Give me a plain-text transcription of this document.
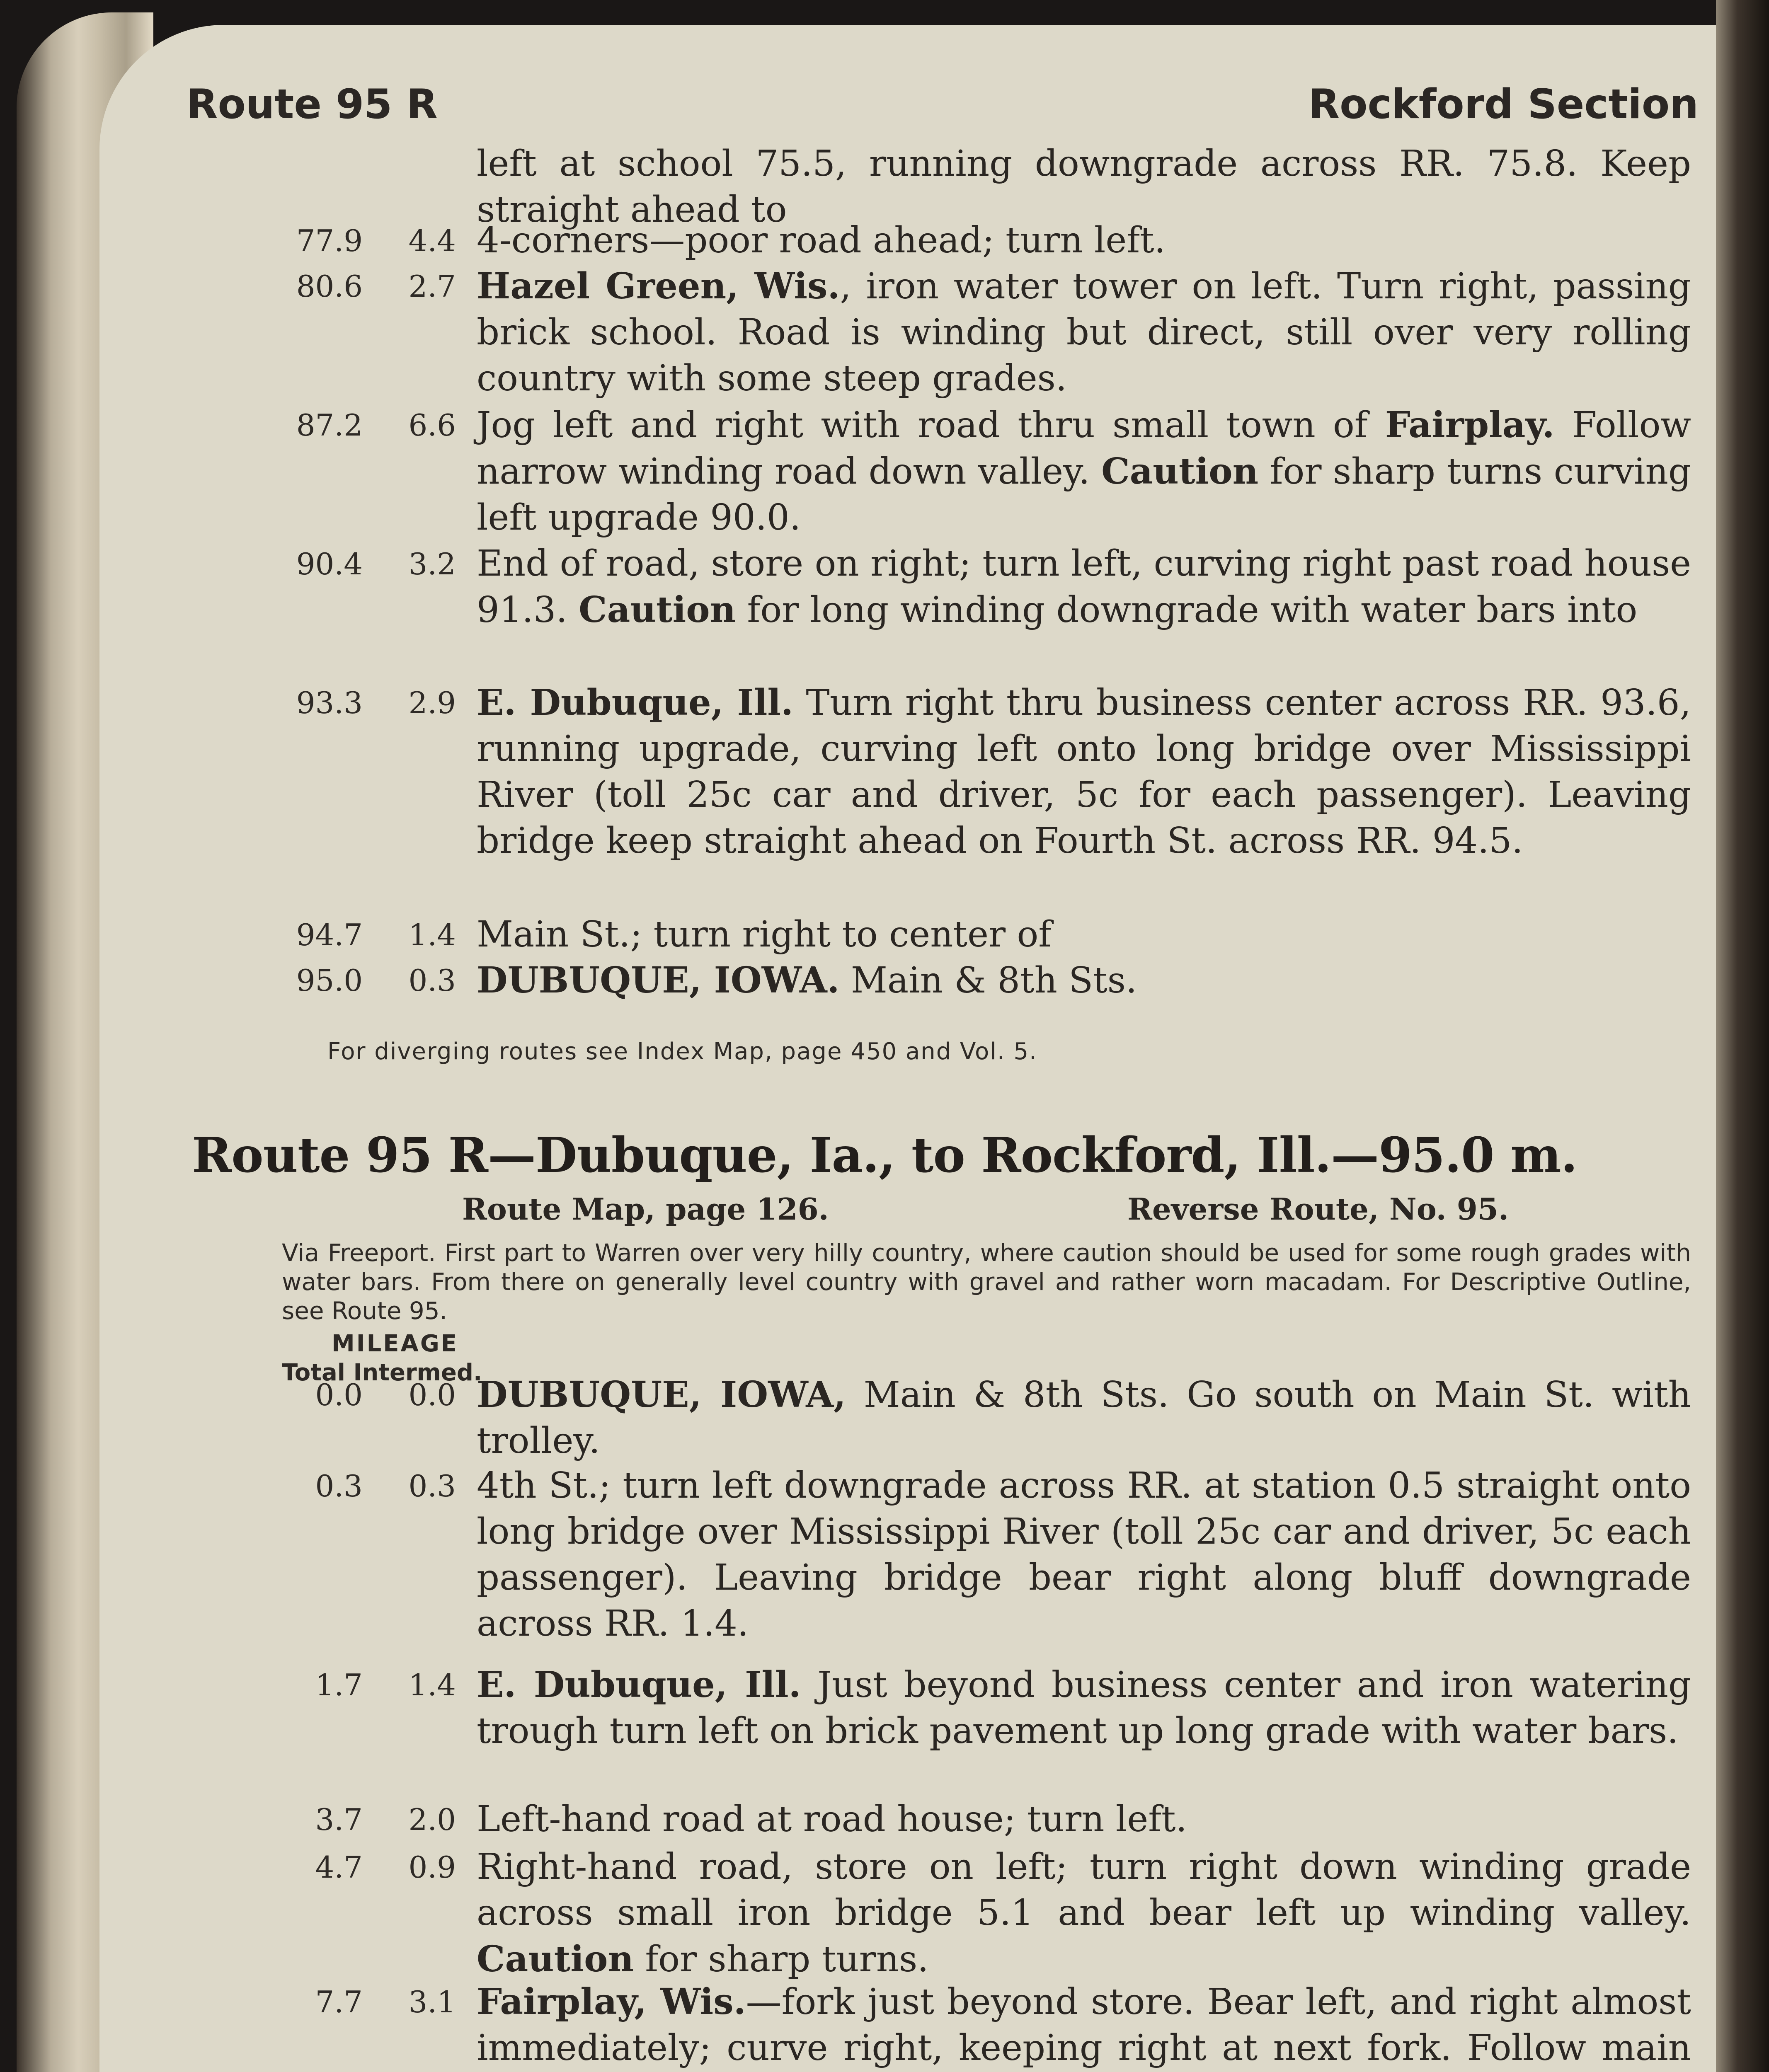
Route 95 R	Rockford Section
left at school 75.5, running downgrade across RR. 75.8. Keep straight ahead to
77.9 4.4 4-corners—poor road ahead; turn left.
80.6 2.7 Hazel Green, Wis., iron water tower on left. Turn right, passing brick school. Road is winding but direct, still over very rolling country with some steep grades.
87.2 6.6 Jog left and right with road thru small town of Fairplay. Follow narrow winding road down valley. Caution for sharp turns curving left upgrade 90.0.
90.4 3.2 End of road, store on right; turn left, curving right past road house 91.3. Caution for long winding downgrade with water bars into
93.3 2.9 E. Dubuque, Ill. Turn right thru business center across RR. 93.6, running upgrade, curving left onto long bridge over Mississippi River (toll 25c car and driver, 5c for each passenger). Leaving bridge keep straight ahead on Fourth St. across RR. 94.5.
94.7 1.4 Main St.; turn right to center of
95.0 0.3 DUBUQUE, IOWA. Main & 8th Sts.
For diverging routes see Index Map, page 450 and Vol. 5.
Route 95 R—Dubuque, Ia., to Rockford, Ill.—95.0 m.
Route Map, page 126.	Reverse Route, No. 95.

Via Freeport. First part to Warren over very hilly country, where caution should be used for some rough grades with water bars. From there on generally level country with gravel and rather worn macadam. For Descriptive Outline, see Route 95.

MILEAGE
Total Intermed.
0.0 0.0 DUBUQUE, IOWA, Main & 8th Sts. Go south on Main St. with trolley.
0.3 0.3 4th St.; turn left downgrade across RR. at station 0.5 straight onto long bridge over Mississippi River (toll 25c car and driver, 5c each passenger). Leaving bridge bear right along bluff downgrade across RR. 1.4.
1.7 1.4 E. Dubuque, Ill. Just beyond business center and iron watering trough turn left on brick pavement up long grade with water bars.
3.7 2.0 Left-hand road at road house; turn left.
4.7 0.9 Right-hand road, store on left; turn right down winding grade across small iron bridge 5.1 and bear left up winding valley. Caution for sharp turns.
7.7 3.1 Fairplay, Wis.—fork just beyond store. Bear left, and right almost immediately; curve right, keeping right at next fork. Follow main
